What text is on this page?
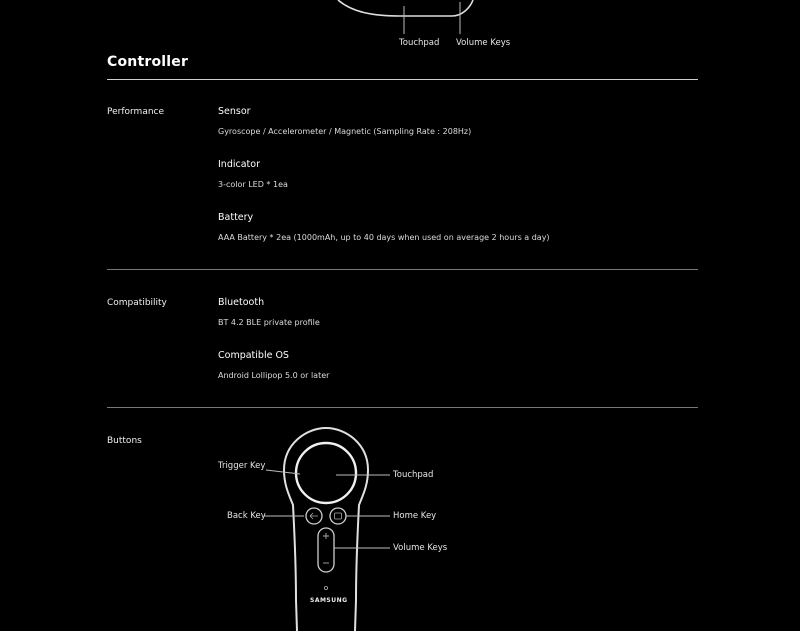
Touchpad Volume Keys
Controller
Performance	Sensor
Gyroscope / Accelerometer / Magnetic (Sampling Rate : 208Hz)
Indicator
3-color LED * 1ea
Battery
AAA Battery * 2ea (1000mAh, up to 40 days when used on average 2 hours a day)
Compatibility	Bluetooth
BT 4.2 BLE private profile
Compatible OS
Android Lollipop 5.0 or later
Buttons
SAMSUNG
Trigger Key
Touchpad
Back Key	Home Key
Volume Keys
